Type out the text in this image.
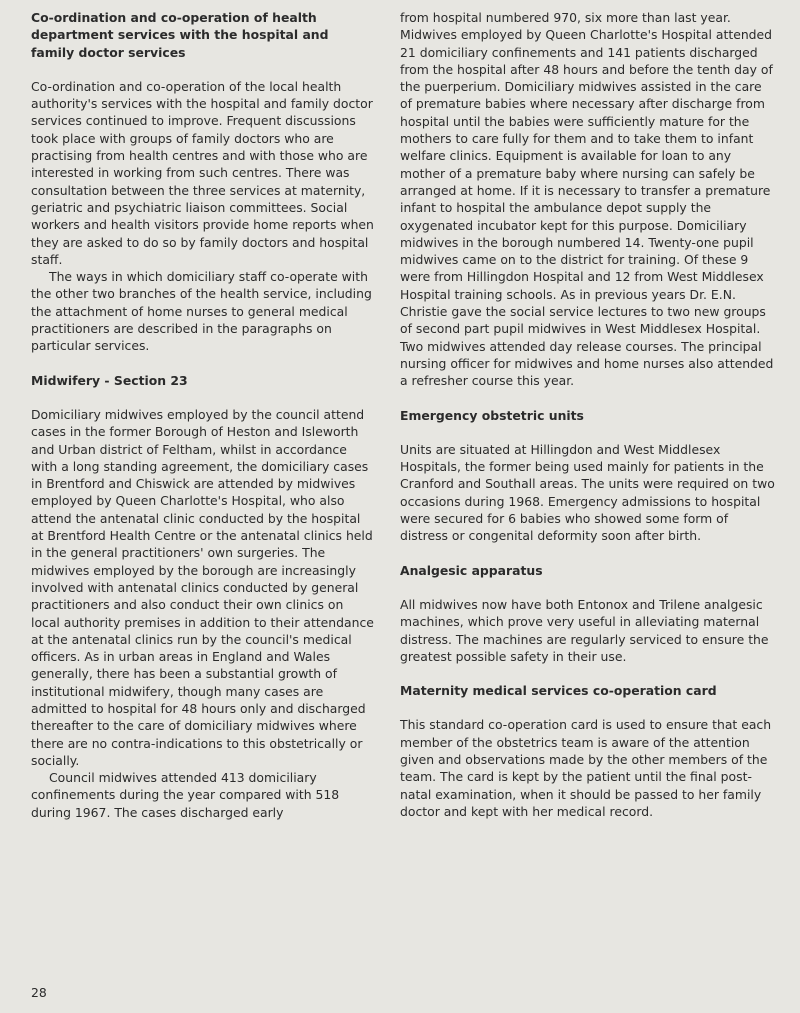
Co-ordination and co-operation of health department services with the hospital and family doctor services

Co-ordination and co-operation of the local health authority's services with the hospital and family doctor services continued to improve. Frequent discussions took place with groups of family doctors who are practising from health centres and with those who are interested in working from such centres. There was consultation between the three services at maternity, geriatric and psychiatric liaison committees. Social workers and health visitors provide home reports when they are asked to do so by family doctors and hospital staff.

The ways in which domiciliary staff co-operate with the other two branches of the health service, including the attachment of home nurses to general medical practitioners are described in the paragraphs on particular services.

Midwifery - Section 23

Domiciliary midwives employed by the council attend cases in the former Borough of Heston and Isleworth and Urban district of Feltham, whilst in accordance with a long standing agreement, the domiciliary cases in Brentford and Chiswick are attended by midwives employed by Queen Charlotte's Hospital, who also attend the antenatal clinic conducted by the hospital at Brentford Health Centre or the antenatal clinics held in the general practitioners' own surgeries. The midwives employed by the borough are increasingly involved with antenatal clinics conducted by general practitioners and also conduct their own clinics on local authority premises in addition to their attendance at the antenatal clinics run by the council's medical officers. As in urban areas in England and Wales generally, there has been a substantial growth of institutional midwifery, though many cases are admitted to hospital for 48 hours only and discharged thereafter to the care of domiciliary midwives where there are no contra-indications to this obstetrically or socially.

Council midwives attended 413 domiciliary confinements during the year compared with 518 during 1967. The cases discharged early

from hospital numbered 970, six more than last year. Midwives employed by Queen Charlotte's Hospital attended 21 domiciliary confinements and 141 patients discharged from the hospital after 48 hours and before the tenth day of the puerperium. Domiciliary midwives assisted in the care of premature babies where necessary after discharge from hospital until the babies were sufficiently mature for the mothers to care fully for them and to take them to infant welfare clinics. Equipment is available for loan to any mother of a premature baby where nursing can safely be arranged at home. If it is necessary to transfer a premature infant to hospital the ambulance depot supply the oxygenated incubator kept for this purpose. Domiciliary midwives in the borough numbered 14. Twenty-one pupil midwives came on to the district for training. Of these 9 were from Hillingdon Hospital and 12 from West Middlesex Hospital training schools. As in previous years Dr. E.N. Christie gave the social service lectures to two new groups of second part pupil midwives in West Middlesex Hospital. Two midwives attended day release courses. The principal nursing officer for midwives and home nurses also attended a refresher course this year.

Emergency obstetric units

Units are situated at Hillingdon and West Middlesex Hospitals, the former being used mainly for patients in the Cranford and Southall areas. The units were required on two occasions during 1968. Emergency admissions to hospital were secured for 6 babies who showed some form of distress or congenital deformity soon after birth.

Analgesic apparatus

All midwives now have both Entonox and Trilene analgesic machines, which prove very useful in alleviating maternal distress. The machines are regularly serviced to ensure the greatest possible safety in their use.

Maternity medical services co-operation card

This standard co-operation card is used to ensure that each member of the obstetrics team is aware of the attention given and observations made by the other members of the team. The card is kept by the patient until the final post-natal examination, when it should be passed to her family doctor and kept with her medical record.

28
